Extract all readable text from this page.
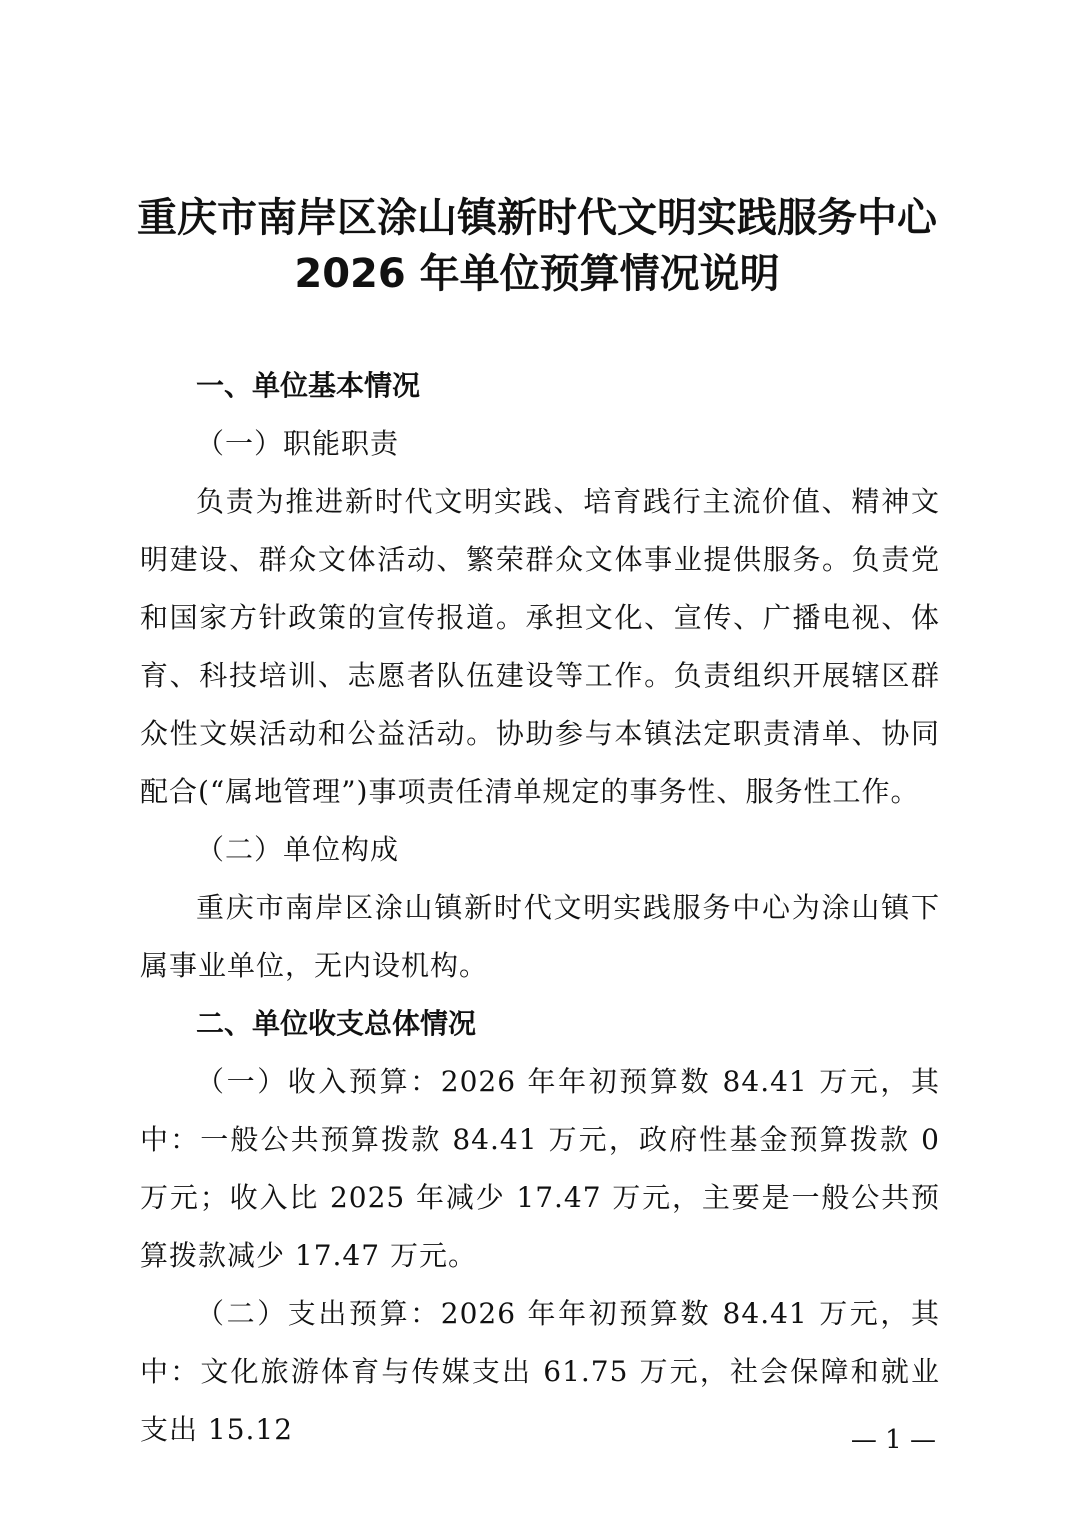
重庆市南岸区涂山镇新时代文明实践服务中心
2026 年单位预算情况说明

一、单位基本情况

（一）职能职责

负责为推进新时代文明实践、培育践行主流价值、精神文明建设、群众文体活动、繁荣群众文体事业提供服务。负责党和国家方针政策的宣传报道。承担文化、宣传、广播电视、体育、科技培训、志愿者队伍建设等工作。负责组织开展辖区群众性文娱活动和公益活动。协助参与本镇法定职责清单、协同配合(“属地管理”)事项责任清单规定的事务性、服务性工作。

（二）单位构成

重庆市南岸区涂山镇新时代文明实践服务中心为涂山镇下属事业单位，无内设机构。

二、单位收支总体情况

（一）收入预算：2026 年年初预算数 84.41 万元，其中：一般公共预算拨款 84.41 万元，政府性基金预算拨款 0 万元；收入比 2025 年减少 17.47 万元，主要是一般公共预算拨款减少 17.47 万元。

（二）支出预算：2026 年年初预算数 84.41 万元，其中：文化旅游体育与传媒支出 61.75 万元，社会保障和就业支出 15.12	— 1 —
